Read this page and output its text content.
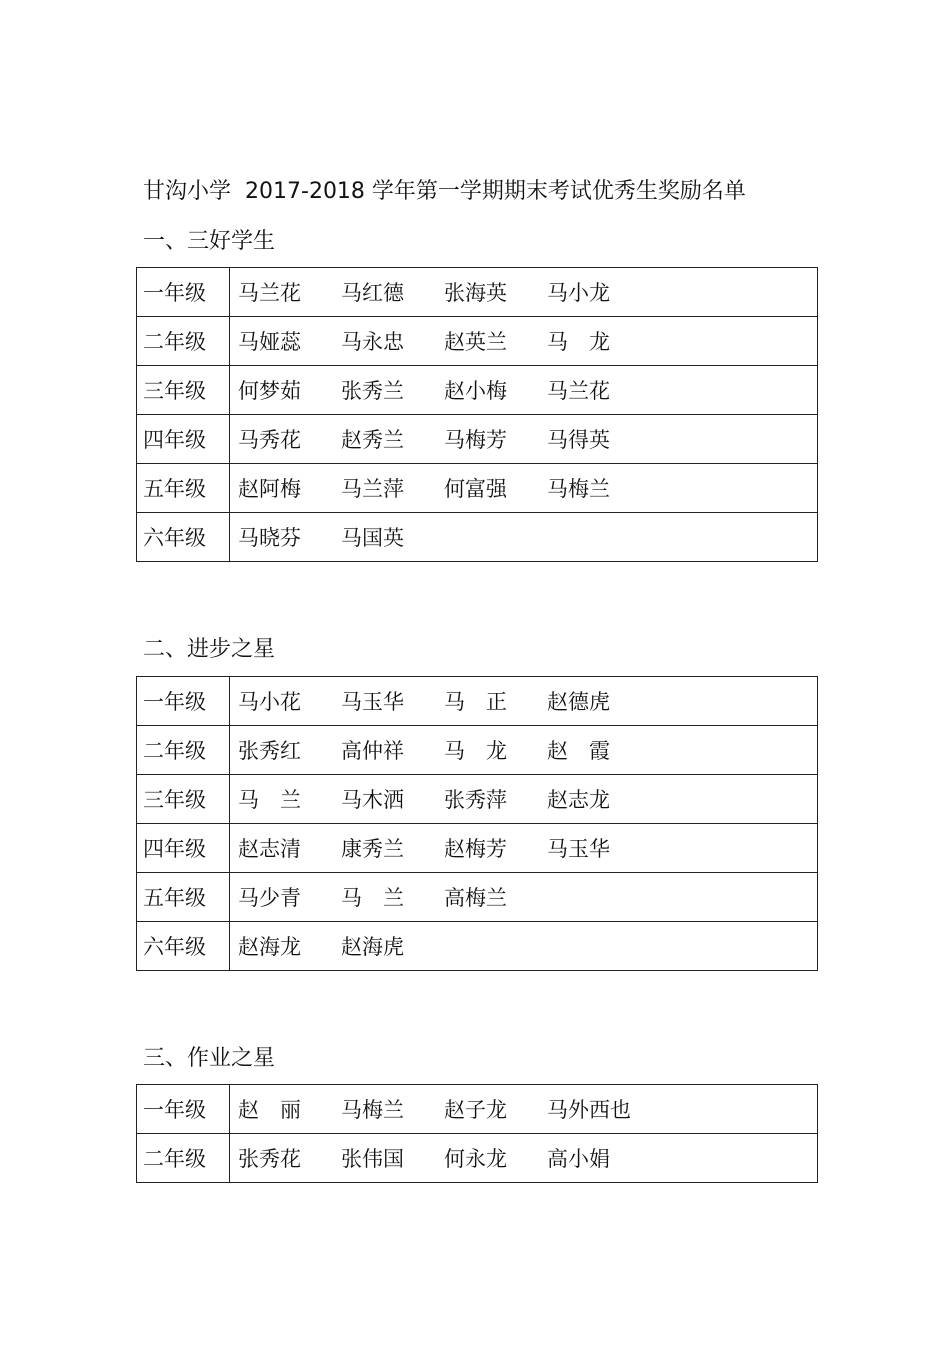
甘沟小学 2017-2018 学年第一学期期末考试优秀生奖励名单
一、三好学生
一年级	马兰花 马红德 张海英 马小龙
二年级	马娅蕊 马永忠 赵英兰 马　龙
三年级	何梦茹 张秀兰 赵小梅 马兰花
四年级	马秀花 赵秀兰 马梅芳 马得英
五年级	赵阿梅 马兰萍 何富强 马梅兰
六年级	马晓芬 马国英
二、进步之星
一年级	马小花 马玉华 马　正 赵德虎
二年级	张秀红 高仲祥 马　龙 赵　霞
三年级	马　兰 马木洒 张秀萍 赵志龙
四年级	赵志清 康秀兰 赵梅芳 马玉华
五年级	马少青 马　兰 高梅兰
六年级	赵海龙 赵海虎
三、作业之星
一年级	赵　丽 马梅兰 赵子龙 马外西也
二年级	张秀花 张伟国 何永龙 高小娟
